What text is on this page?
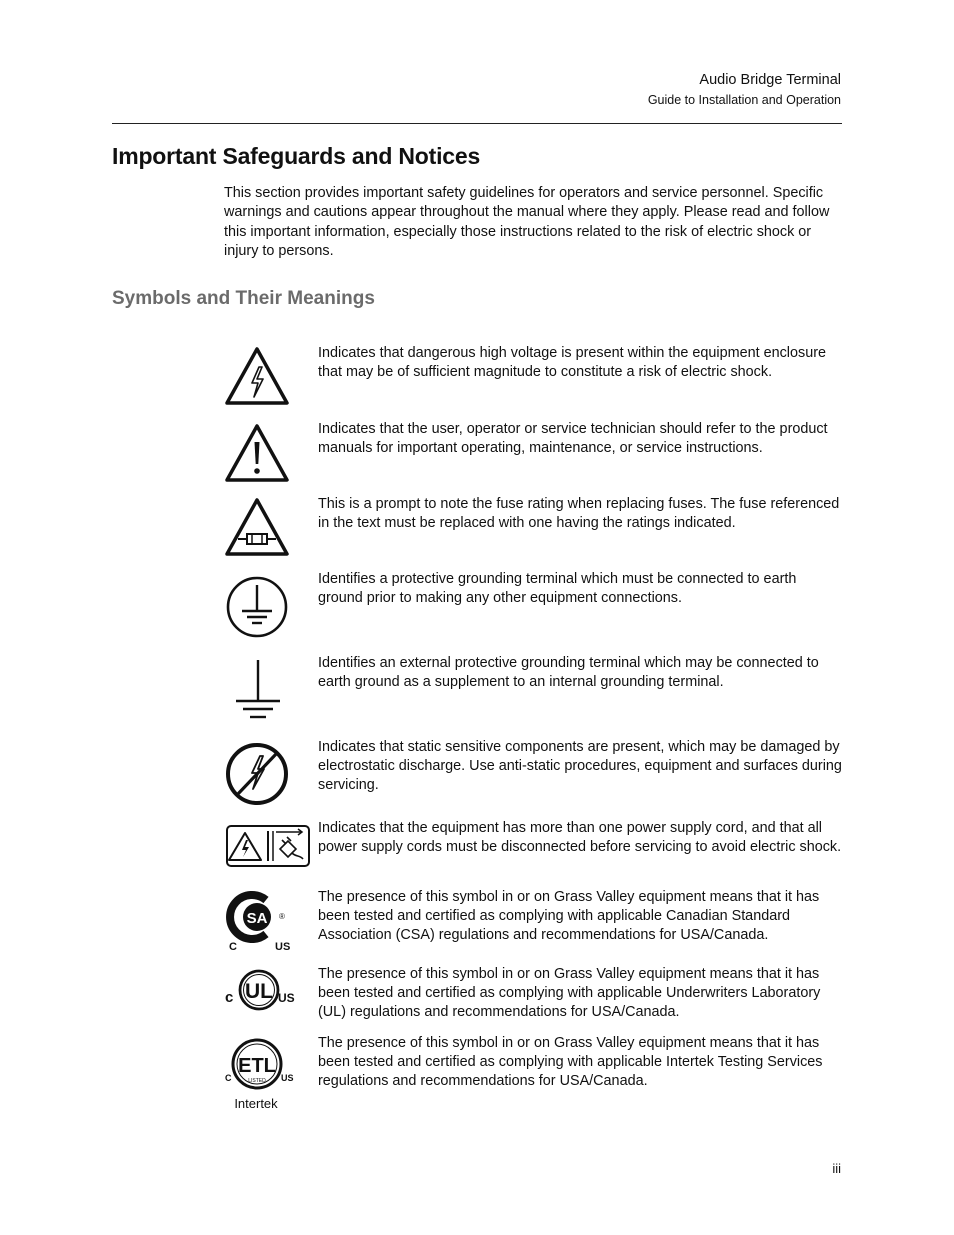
Audio Bridge Terminal
Guide to Installation and Operation
Important Safeguards and Notices

This section provides important safety guidelines for operators and service personnel. Specific warnings and cautions appear throughout the manual where they apply. Please read and follow this important information, especially those instructions related to the risk of electric shock or injury to persons.

Symbols and Their Meanings

Indicates that dangerous high voltage is present within the equipment enclosure that may be of sufficient magnitude to constitute a risk of electric shock.

Indicates that the user, operator or service technician should refer to the product manuals for important operating, maintenance, or service instructions.

This is a prompt to note the fuse rating when replacing fuses. The fuse referenced in the text must be replaced with one having the ratings indicated.

Identifies a protective grounding terminal which must be connected to earth ground prior to making any other equipment connections.

Identifies an external protective grounding terminal which may be connected to earth ground as a supplement to an internal grounding terminal.

Indicates that static sensitive components are present, which may be damaged by electrostatic discharge. Use anti-static procedures, equipment and surfaces during servicing.

Indicates that the equipment has more than one power supply cord, and that all power supply cords must be disconnected before servicing to avoid electric shock.

SA ®
C	US

The presence of this symbol in or on Grass Valley equipment means that it has been tested and certified as complying with applicable Canadian Standard Association (CSA) regulations and recommendations for USA/Canada.

UL
c	US

The presence of this symbol in or on Grass Valley equipment means that it has been tested and certified as complying with applicable Underwriters Laboratory (UL) regulations and recommendations for USA/Canada.

ETL
LISTED
C	US
Intertek

The presence of this symbol in or on Grass Valley equipment means that it has been tested and certified as complying with applicable Intertek Testing Services regulations and recommendations for USA/Canada.

iii
